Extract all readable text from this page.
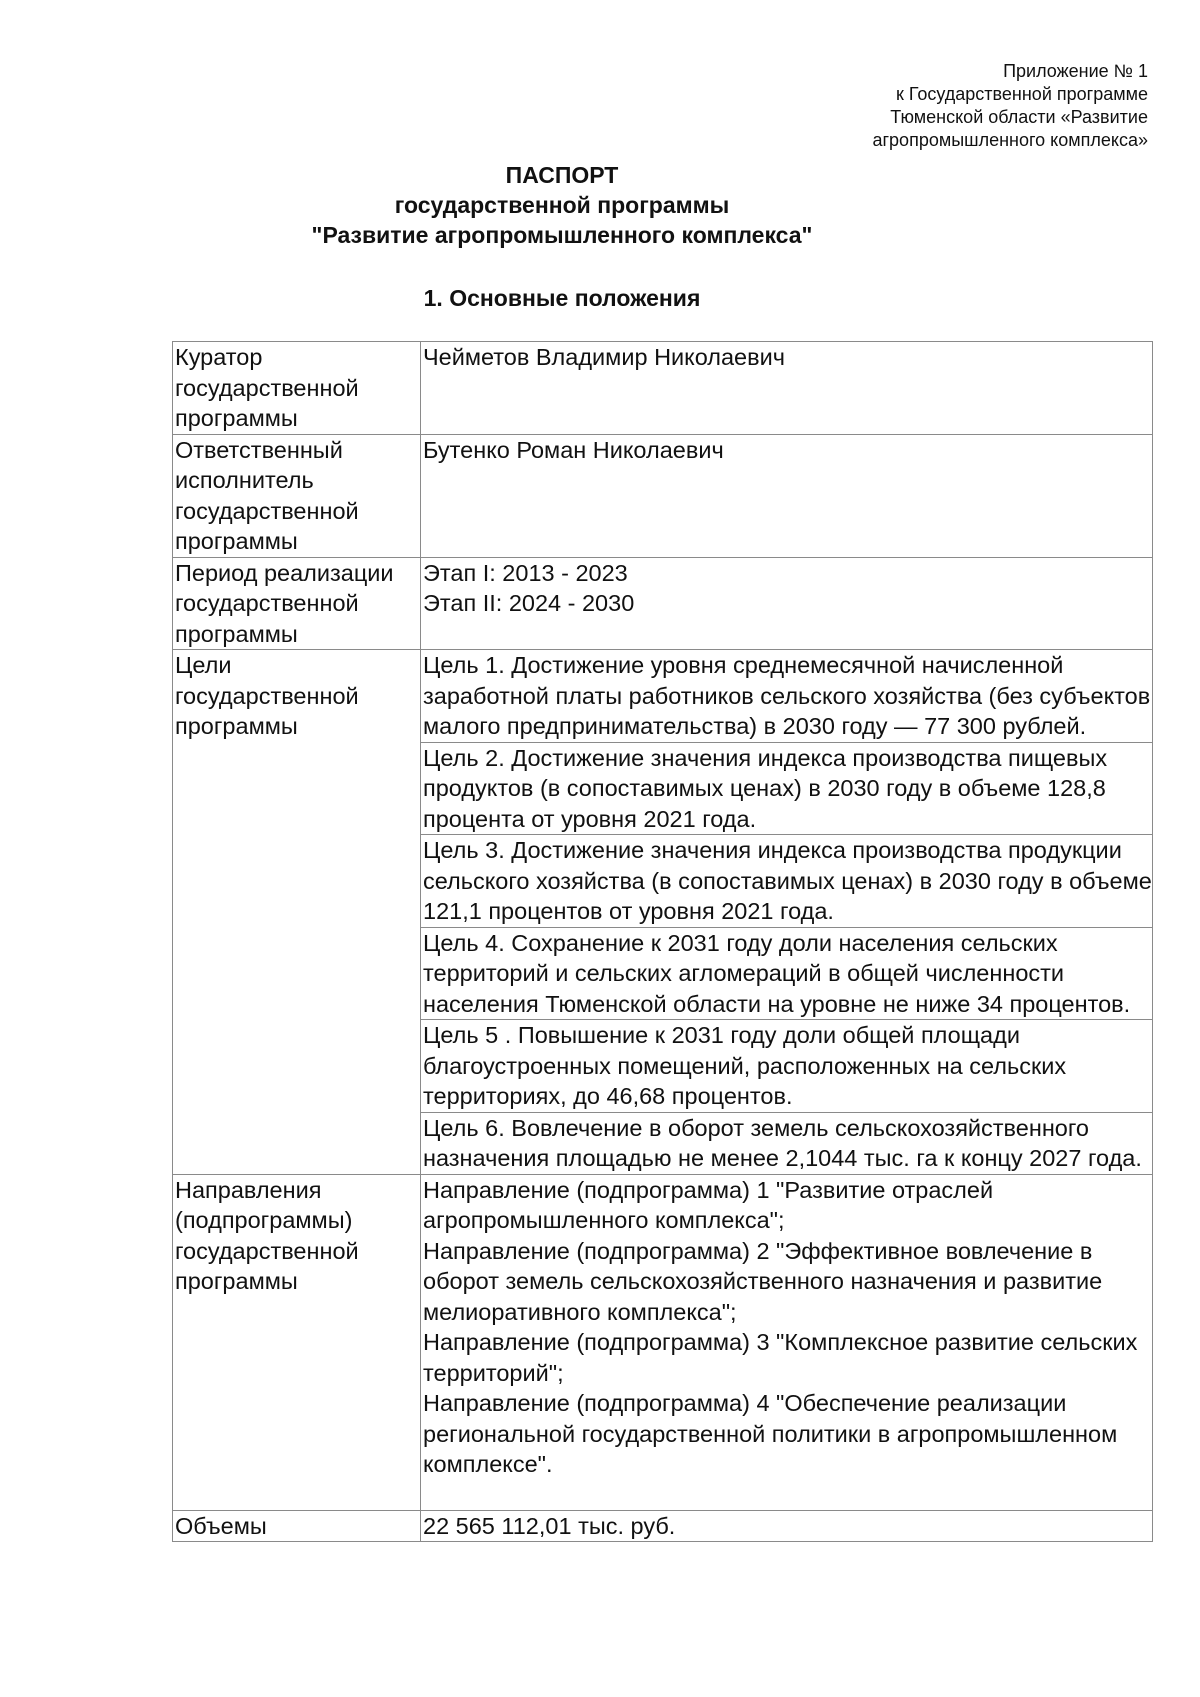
Приложение № 1
к Государственной программе
Тюменской области «Развитие
агропромышленного комплекса»
ПАСПОРТ
государственной программы
"Развитие агропромышленного комплекса"
1. Основные положения
Куратор государственной программы	Чейметов Владимир Николаевич
Ответственный исполнитель государственной программы	Бутенко Роман Николаевич
Период реализации государственной программы	Этап I: 2013 - 2023
Этап II: 2024 - 2030

Цели государственной программы	Цель 1. Достижение уровня среднемесячной начисленной заработной платы работников сельского хозяйства (без субъектов малого предпринимательства) в 2030 году — 77 300 рублей.
	Цель 2. Достижение значения индекса производства пищевых продуктов (в сопоставимых ценах) в 2030 году в объеме 128,8 процента от уровня 2021 года.
	Цель 3. Достижение значения индекса производства продукции сельского хозяйства (в сопоставимых ценах) в 2030 году в объеме 121,1 процентов от уровня 2021 года.
	Цель 4. Сохранение к 2031 году доли населения сельских территорий и сельских агломераций в общей численности населения Тюменской области на уровне не ниже 34 процентов.
	Цель 5 . Повышение к 2031 году доли общей площади благоустроенных помещений, расположенных на сельских территориях, до 46,68 процентов.
	Цель 6. Вовлечение в оборот земель сельскохозяйственного назначения площадью не менее 2,1044 тыс. га к концу 2027 года.
Направления (подпрограммы) государственной программы	Направление (подпрограмма) 1 "Развитие отраслей агропромышленного комплекса";
Направление (подпрограмма) 2 "Эффективное вовлечение в оборот земель сельскохозяйственного назначения и развитие мелиоративного комплекса";
Направление (подпрограмма) 3 "Комплексное развитие сельских территорий";
Направление (подпрограмма) 4 "Обеспечение реализации региональной государственной политики в агропромышленном комплексе".

Объемы	22 565 112,01 тыс. руб.
